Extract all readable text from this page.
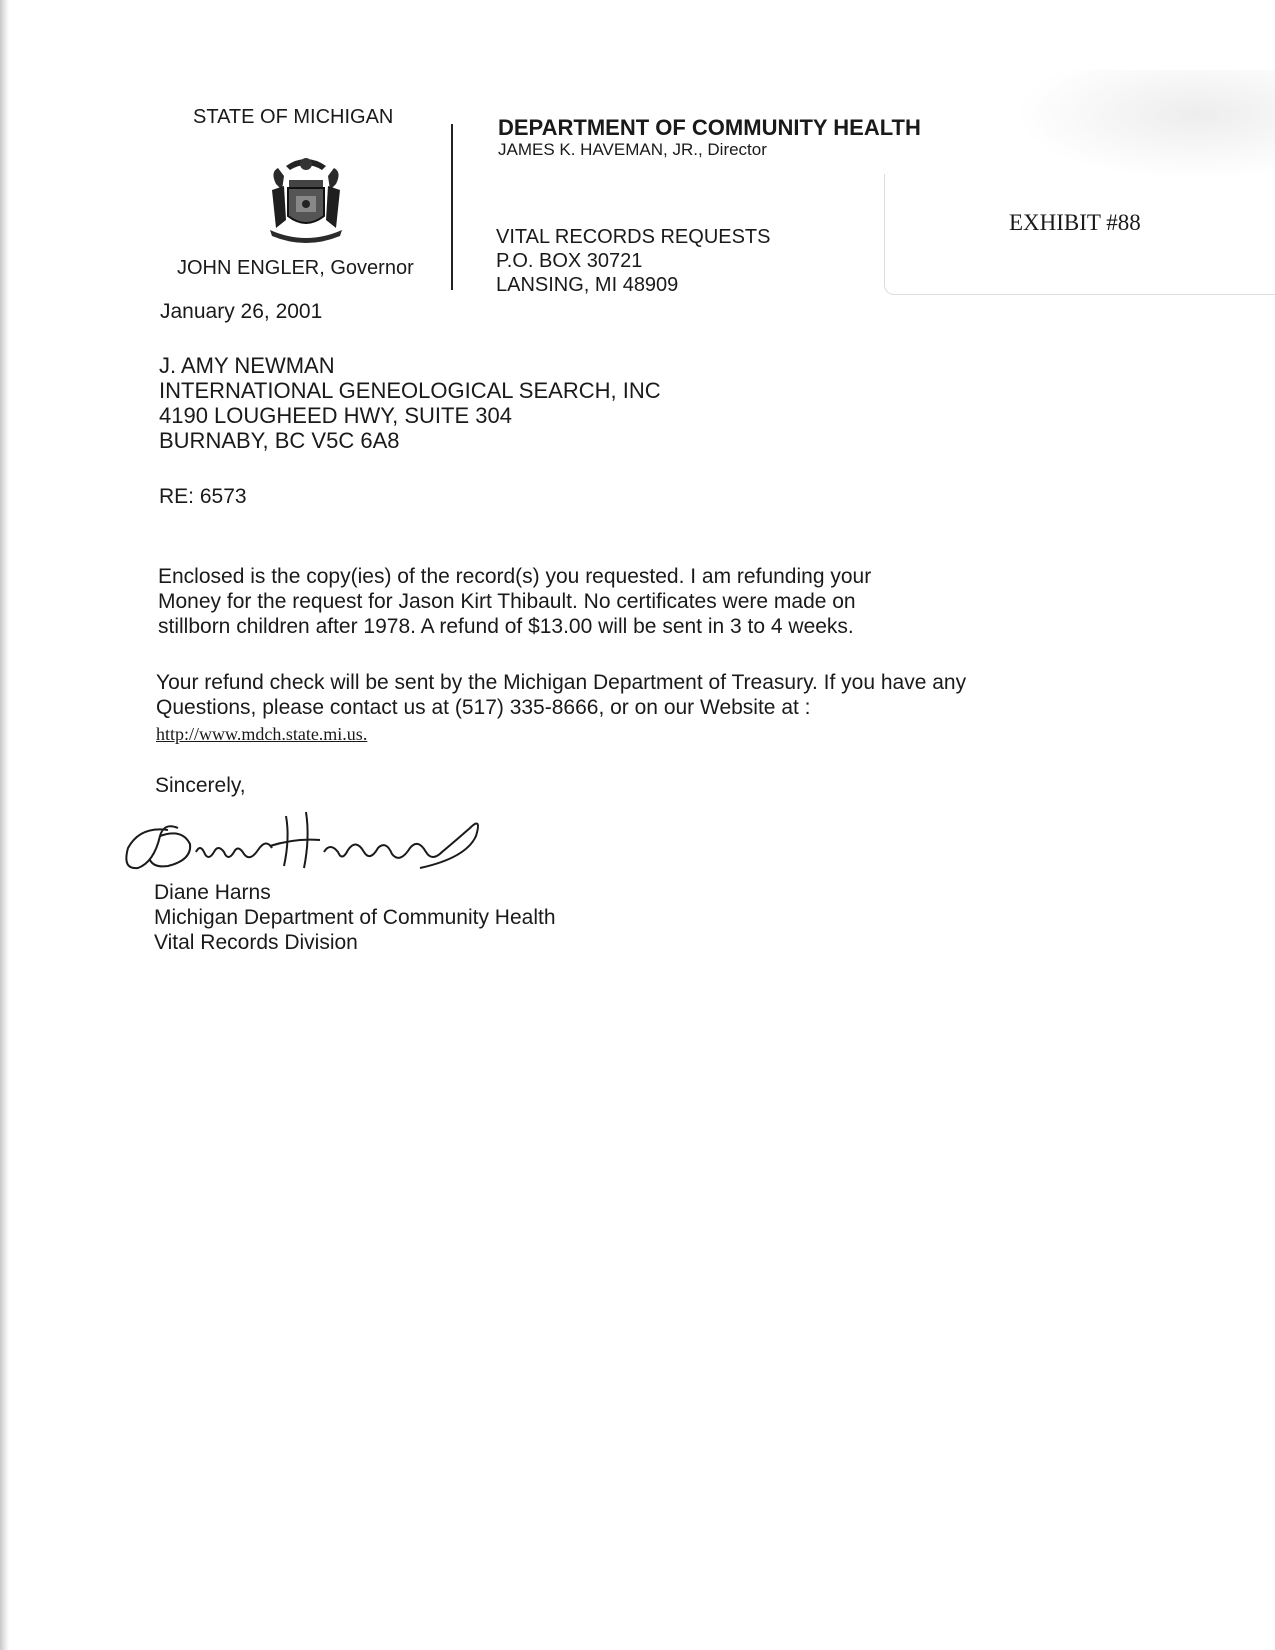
STATE OF MICHIGAN
JOHN ENGLER, Governor
DEPARTMENT OF COMMUNITY HEALTH
JAMES K. HAVEMAN, JR., Director
VITAL RECORDS REQUESTS
P.O. BOX 30721
LANSING, MI 48909
EXHIBIT #88
January 26, 2001
J. AMY NEWMAN
INTERNATIONAL GENEOLOGICAL SEARCH, INC
4190 LOUGHEED HWY, SUITE 304
BURNABY, BC V5C 6A8
RE: 6573
Enclosed is the copy(ies) of the record(s) you requested. I am refunding your
Money for the request for Jason Kirt Thibault. No certificates were made on
stillborn children after 1978. A refund of $13.00 will be sent in 3 to 4 weeks.
Your refund check will be sent by the Michigan Department of Treasury. If you have any
Questions, please contact us at (517) 335-8666, or on our Website at :
http://www.mdch.state.mi.us.
Sincerely,
Diane Harns
Michigan Department of Community Health
Vital Records Division
